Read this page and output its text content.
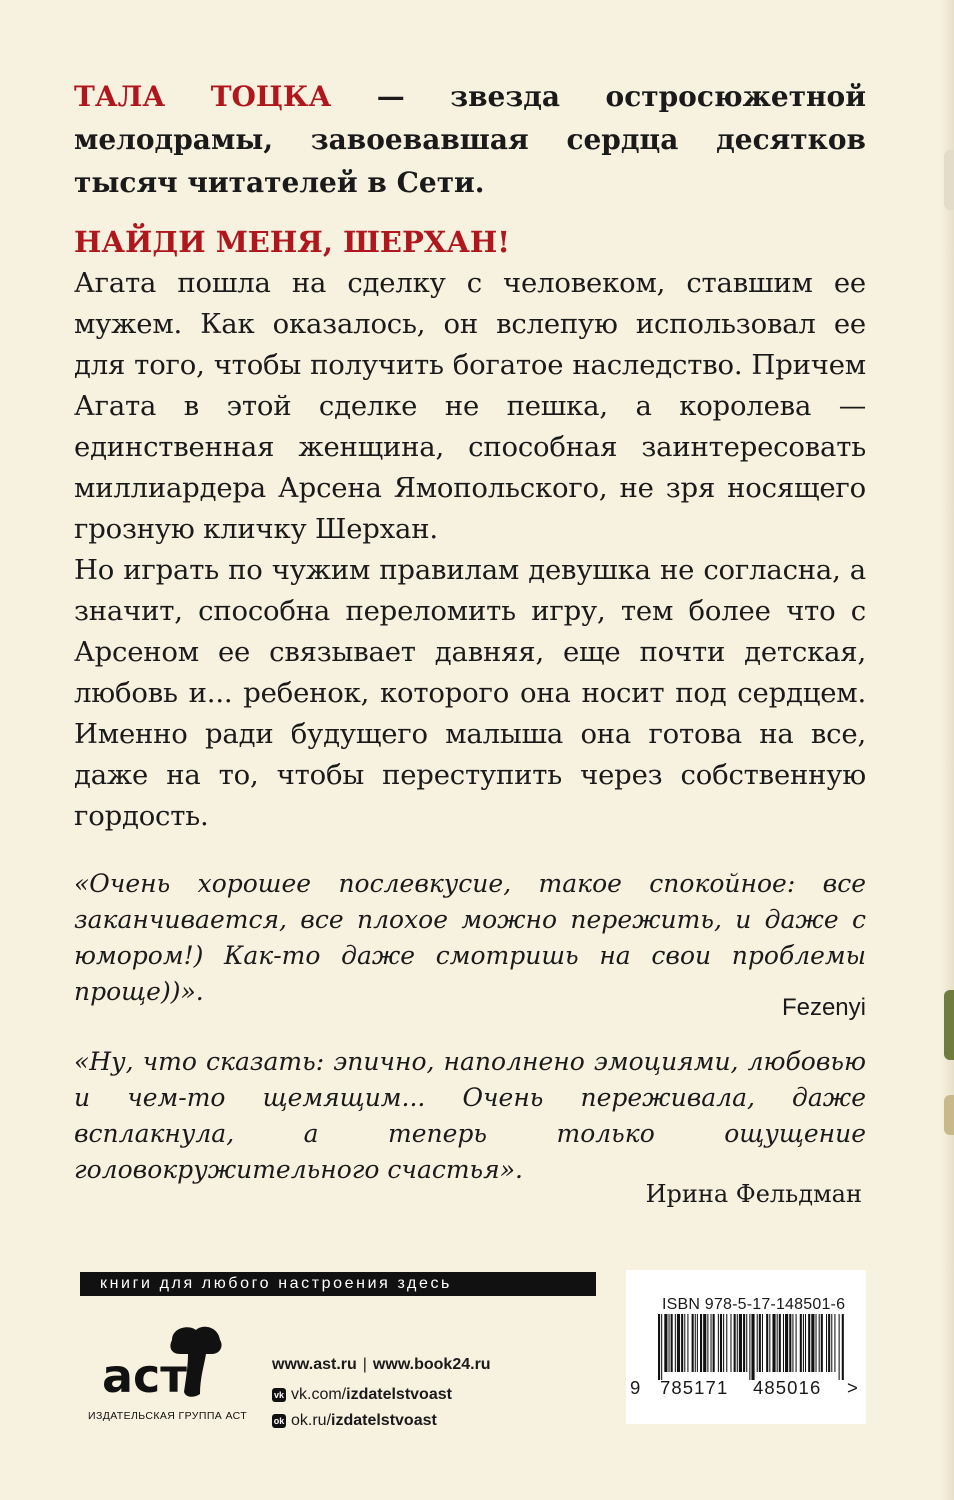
ТАЛА ТОЦКА — звезда остросюжетной мелодрамы, завоевавшая сердца десятков тысяч читателей в Сети.

НАЙДИ МЕНЯ, ШЕРХАН!

Агата пошла на сделку с человеком, ставшим ее мужем. Как оказалось, он вслепую использовал ее для того, чтобы получить богатое наследство. Причем Агата в этой сделке не пешка, а королева — единственная женщина, способная заинтересовать миллиардера Арсена Ямопольского, не зря носящего грозную кличку Шерхан.

Но играть по чужим правилам девушка не согласна, а значит, способна переломить игру, тем более что с Арсеном ее связывает давняя, еще почти детская, любовь и... ребенок, которого она носит под сердцем. Именно ради будущего малыша она готова на все, даже на то, чтобы переступить через собственную гордость.

«Очень хорошее послевкусие, такое спокойное: все заканчивается, все плохое можно пережить, и даже с юмором!) Как-то даже смотришь на свои проблемы проще))».

Fezenyi

«Ну, что сказать: эпично, наполнено эмоциями, любовью и чем-то щемящим... Очень переживала, даже всплакнула, а теперь только ощущение головокружительного счастья».

Ирина Фельдман

книги для любого настроения здесь
аст
ИЗДАТЕЛЬСКАЯ ГРУППА АСТ
www.ast.ru | www.book24.ru
vk vk.com/ izdatelstvoast
ok ok.ru/ izdatelstvoast
ISBN 978-5-17-148501-6
9 785171 485016 >
